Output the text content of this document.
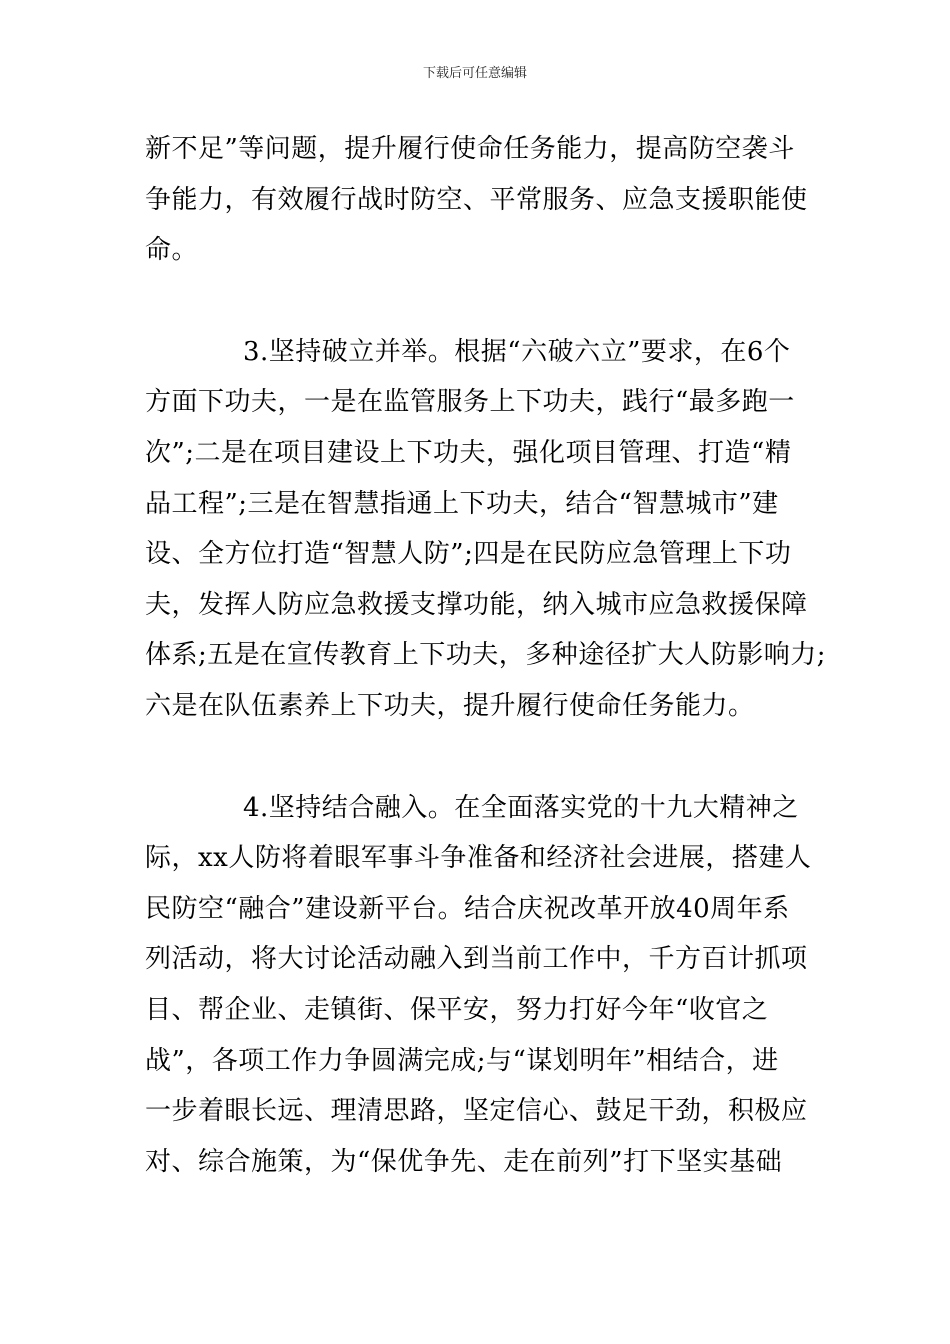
下载后可任意编辑
新不足”等问题，提升履行使命任务能力，提高防空袭斗
争能力，有效履行战时防空、平常服务、应急支援职能使
命。
3.坚持破立并举。根据“六破六立”要求，在6个
方面下功夫，一是在监管服务上下功夫，践行“最多跑一
次”;二是在项目建设上下功夫，强化项目管理、打造“精
品工程”;三是在智慧指通上下功夫，结合“智慧城市”建
设、全方位打造“智慧人防”;四是在民防应急管理上下功
夫，发挥人防应急救援支撑功能，纳入城市应急救援保障
体系;五是在宣传教育上下功夫，多种途径扩大人防影响力;
六是在队伍素养上下功夫，提升履行使命任务能力。
4.坚持结合融入。在全面落实党的十九大精神之
际，xx人防将着眼军事斗争准备和经济社会进展，搭建人
民防空“融合”建设新平台。结合庆祝改革开放40周年系
列活动，将大讨论活动融入到当前工作中，千方百计抓项
目、帮企业、走镇街、保平安，努力打好今年“收官之
战”，各项工作力争圆满完成;与“谋划明年”相结合，进
一步着眼长远、理清思路，坚定信心、鼓足干劲，积极应
对、综合施策，为“保优争先、走在前列”打下坚实基础
